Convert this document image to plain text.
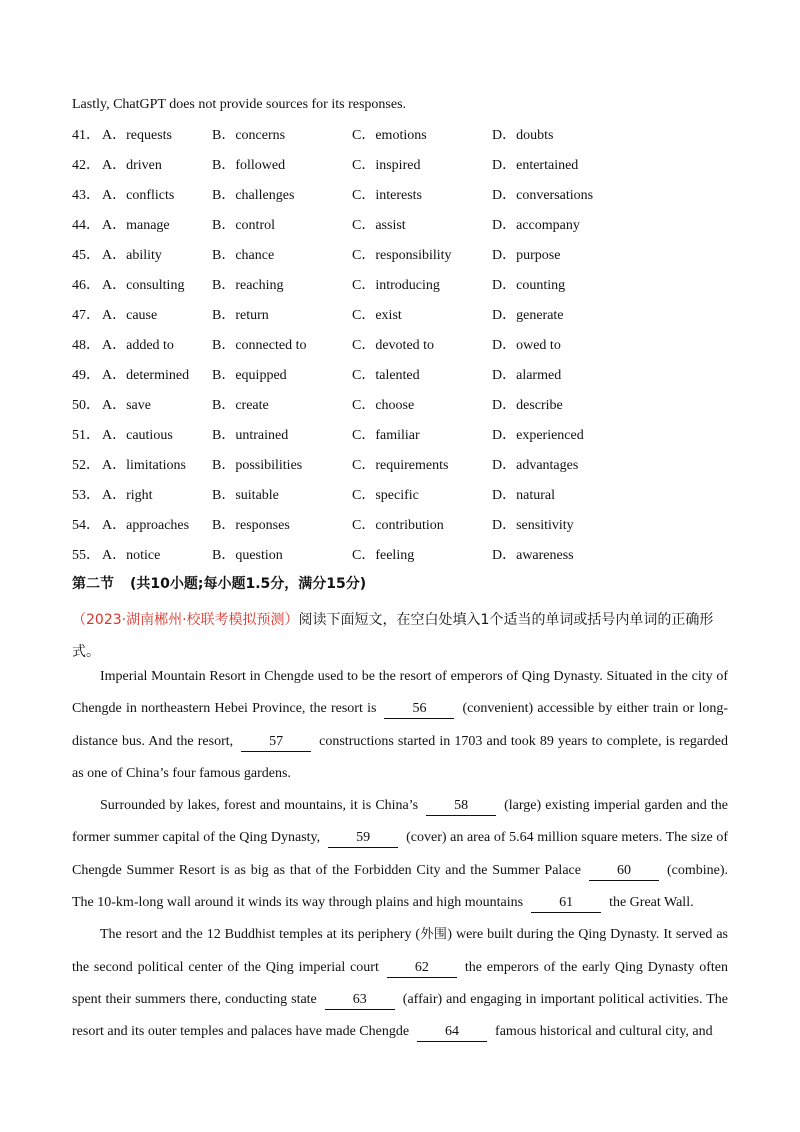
Lastly, ChatGPT does not provide sources for its responses.
41． A．requests	B．concerns	C．emotions	D．doubts
42． A．driven	B．followed	C．inspired	D．entertained
43． A．conflicts	B．challenges	C．interests	D．conversations
44． A．manage	B．control	C．assist	D．accompany
45． A．ability	B．chance	C．responsibility	D．purpose
46． A．consulting B．reaching	C．introducing	D．counting
47． A．cause	B．return	C．exist	D．generate
48． A．added to	B．connected to	C．devoted to	D．owed to
49． A．determined B．equipped	C．talented	D．alarmed
50． A．save	B．create	C．choose	D．describe
51． A．cautious	B．untrained	C．familiar	D．experienced
52． A．limitations B．possibilities	C．requirements	D．advantages
53． A．right	B．suitable	C．specific	D．natural
54． A．approaches B．responses	C．contribution	D．sensitivity
55． A．notice	B．question	C．feeling	D．awareness
第二节 (共10小题;每小题1.5分，满分15分)
（2023·湖南郴州·校联考模拟预测）阅读下面短文，在空白处填入1个适当的单词或括号内单词的正确形式。

Imperial Mountain Resort in Chengde used to be the resort of emperors of Qing Dynasty. Situated in the city of Chengde in northeastern Hebei Province, the resort is	56	(convenient) accessible by either train or long-distance bus. And the resort,	57	constructions started in 1703 and took 89 years to complete, is regarded as one of China’s four famous gardens.

Surrounded by lakes, forest and mountains, it is China’s	58	(large) existing imperial garden and the former summer capital of the Qing Dynasty,	59	(cover) an area of 5.64 million square meters. The size of Chengde Summer Resort is as big as that of the Forbidden City and the Summer Palace	60	(combine). The 10-km-long wall around it winds its way through plains and high mountains	61	the Great Wall.

The resort and the 12 Buddhist temples at its periphery (外围) were built during the Qing Dynasty. It served as the second political center of the Qing imperial court	62	the emperors of the early Qing Dynasty often spent their summers there, conducting state	63	(affair) and engaging in important political activities. The resort and its outer temples and palaces have made Chengde	64	famous historical and cultural city, and
